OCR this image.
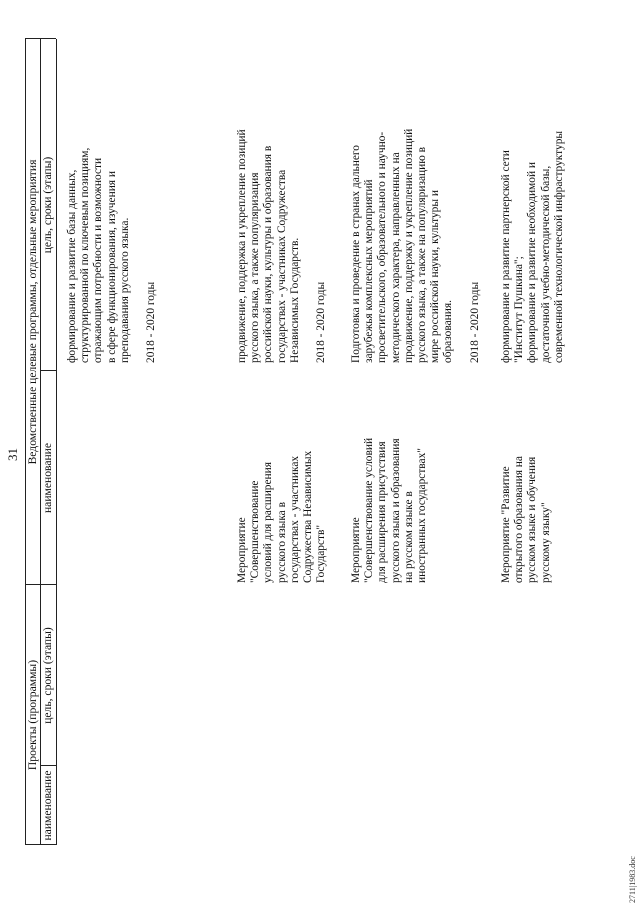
31
Проекты (программы)
наименование
цель, сроки (этапы)
Ведомственные целевые программы, отдельные мероприятия
наименование
цель, сроки (этапы)
формирование и развитие базы данных,
структурированной по ключевым позициям,
отражающим потребности и возможности
в сфере функционирования, изучения и
преподавания русского языка.

2018 - 2020 годы
Мероприятие
"Совершенствование
условий для расширения
русского языка в
государствах - участниках
Содружества Независимых
Государств"
продвижение, поддержка и укрепление позиций
русского языка, а также популяризация
российской науки, культуры и образования в
государствах - участниках Содружества
Независимых Государств.

2018 - 2020 годы
Мероприятие
"Совершенствование условий
для расширения присутствия
русского языка и образования
на русском языке в
иностранных государствах"
Подготовка и проведение в странах дальнего
зарубежья комплексных мероприятий
просветительского, образовательного и научно-
методического характера, направленных на
продвижение, поддержку и укрепление позиций
русского языка, а также на популяризацию в
мире российской науки, культуры и
образования.

2018 - 2020 годы
Мероприятие "Развитие
открытого образования на
русском языке и обучения
русскому языку"
формирование и развитие партнерской сети
"Институт Пушкина";
формирование и развитие необходимой и
достаточной учебно-методической базы,
современной технологической инфраструктуры
2711|1983.doc
